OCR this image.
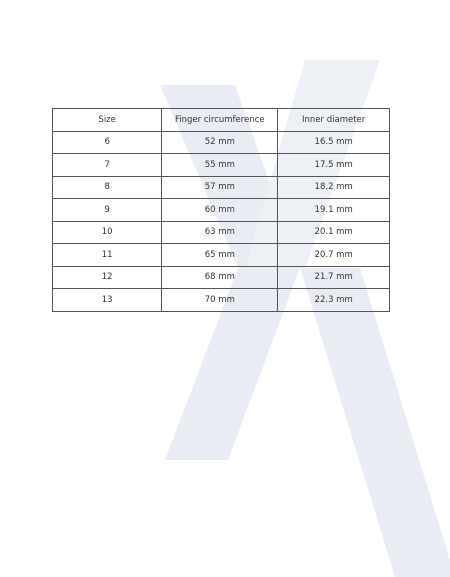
Size	Finger circumference	Inner diameter
6	52 mm	16.5 mm
7	55 mm	17.5 mm
8	57 mm	18.2 mm
9	60 mm	19.1 mm
10	63 mm	20.1 mm
11	65 mm	20.7 mm
12	68 mm	21.7 mm
13	70 mm	22.3 mm
